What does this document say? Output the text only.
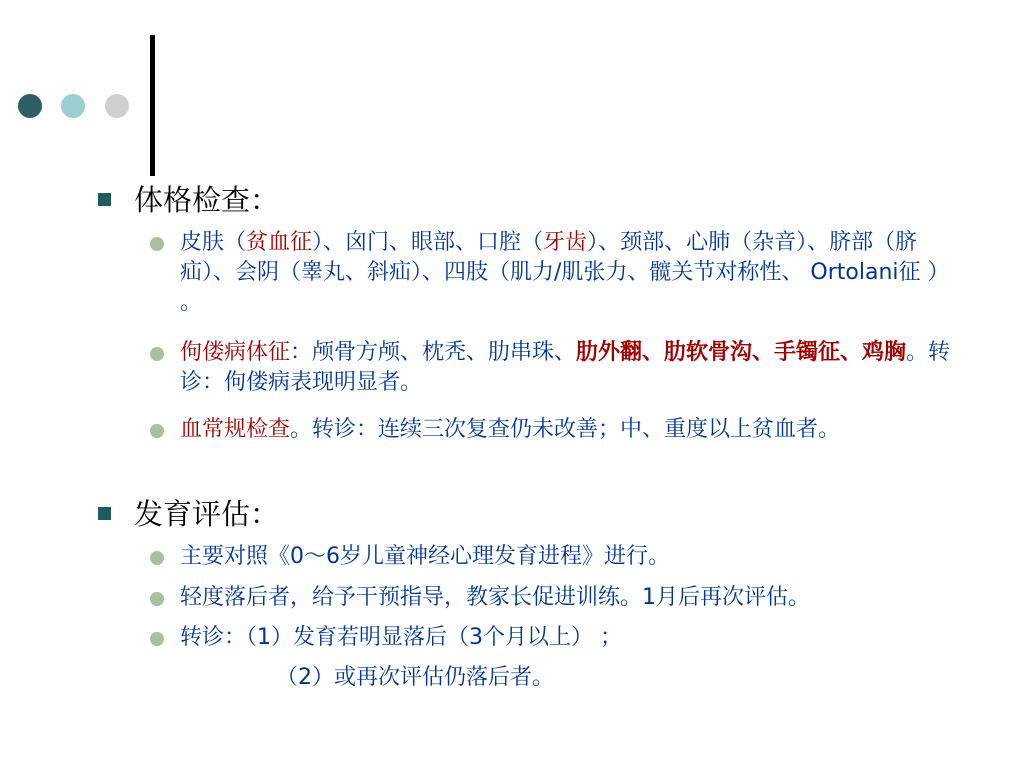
体格检查：
皮肤（贫血征）、囟门、眼部、口腔（牙齿）、颈部、心肺（杂音）、脐部（脐疝）、会阴（睾丸、斜疝）、四肢（肌力/肌张力、髋关节对称性、 Ortolani征 ） 。
佝偻病体征：颅骨方颅、枕秃、肋串珠、肋外翻、肋软骨沟、手镯征、鸡胸。转诊：佝偻病表现明显者。
血常规检查。转诊：连续三次复查仍未改善；中、重度以上贫血者。
发育评估：
主要对照《0～6岁儿童神经心理发育进程》进行。
轻度落后者，给予干预指导，教家长促进训练。1月后再次评估。
转诊：（1）发育若明显落后（3个月以上） ；
（2）或再次评估仍落后者。
